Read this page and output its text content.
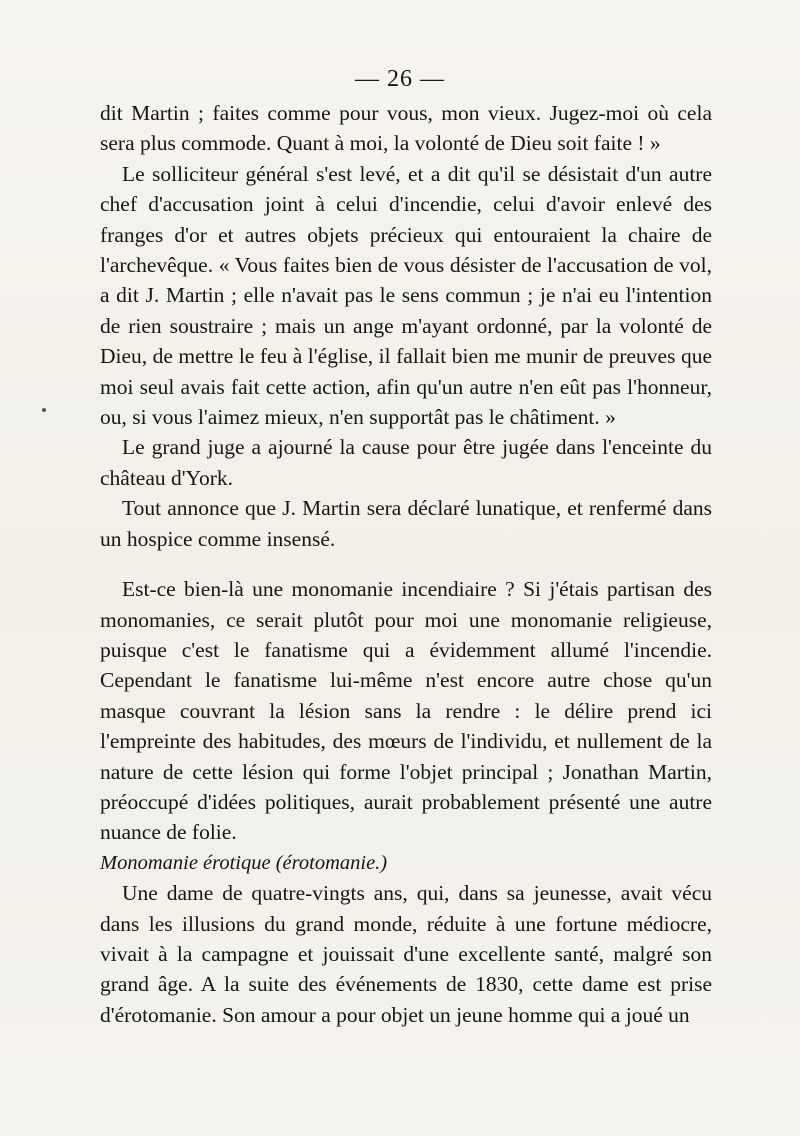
— 26 —

dit Martin ; faites comme pour vous, mon vieux. Jugez-moi où cela sera plus commode. Quant à moi, la volonté de Dieu soit faite ! »

Le solliciteur général s'est levé, et a dit qu'il se désistait d'un autre chef d'accusation joint à celui d'incendie, celui d'avoir enlevé des franges d'or et autres objets précieux qui entouraient la chaire de l'archevêque. « Vous faites bien de vous désister de l'accusation de vol, a dit J. Martin ; elle n'avait pas le sens commun ; je n'ai eu l'intention de rien soustraire ; mais un ange m'ayant ordonné, par la volonté de Dieu, de mettre le feu à l'église, il fallait bien me munir de preuves que moi seul avais fait cette action, afin qu'un autre n'en eût pas l'honneur, ou, si vous l'aimez mieux, n'en supportât pas le châtiment. »

Le grand juge a ajourné la cause pour être jugée dans l'enceinte du château d'York.

Tout annonce que J. Martin sera déclaré lunatique, et renfermé dans un hospice comme insensé.

Est-ce bien-là une monomanie incendiaire ? Si j'étais partisan des monomanies, ce serait plutôt pour moi une monomanie religieuse, puisque c'est le fanatisme qui a évidemment allumé l'incendie. Cependant le fanatisme lui-même n'est encore autre chose qu'un masque couvrant la lésion sans la rendre : le délire prend ici l'empreinte des habitudes, des mœurs de l'individu, et nullement de la nature de cette lésion qui forme l'objet principal ; Jonathan Martin, préoccupé d'idées politiques, aurait probablement présenté une autre nuance de folie.

Monomanie érotique (érotomanie.)

Une dame de quatre-vingts ans, qui, dans sa jeunesse, avait vécu dans les illusions du grand monde, réduite à une fortune médiocre, vivait à la campagne et jouissait d'une excellente santé, malgré son grand âge. A la suite des événements de 1830, cette dame est prise d'érotomanie. Son amour a pour objet un jeune homme qui a joué un
